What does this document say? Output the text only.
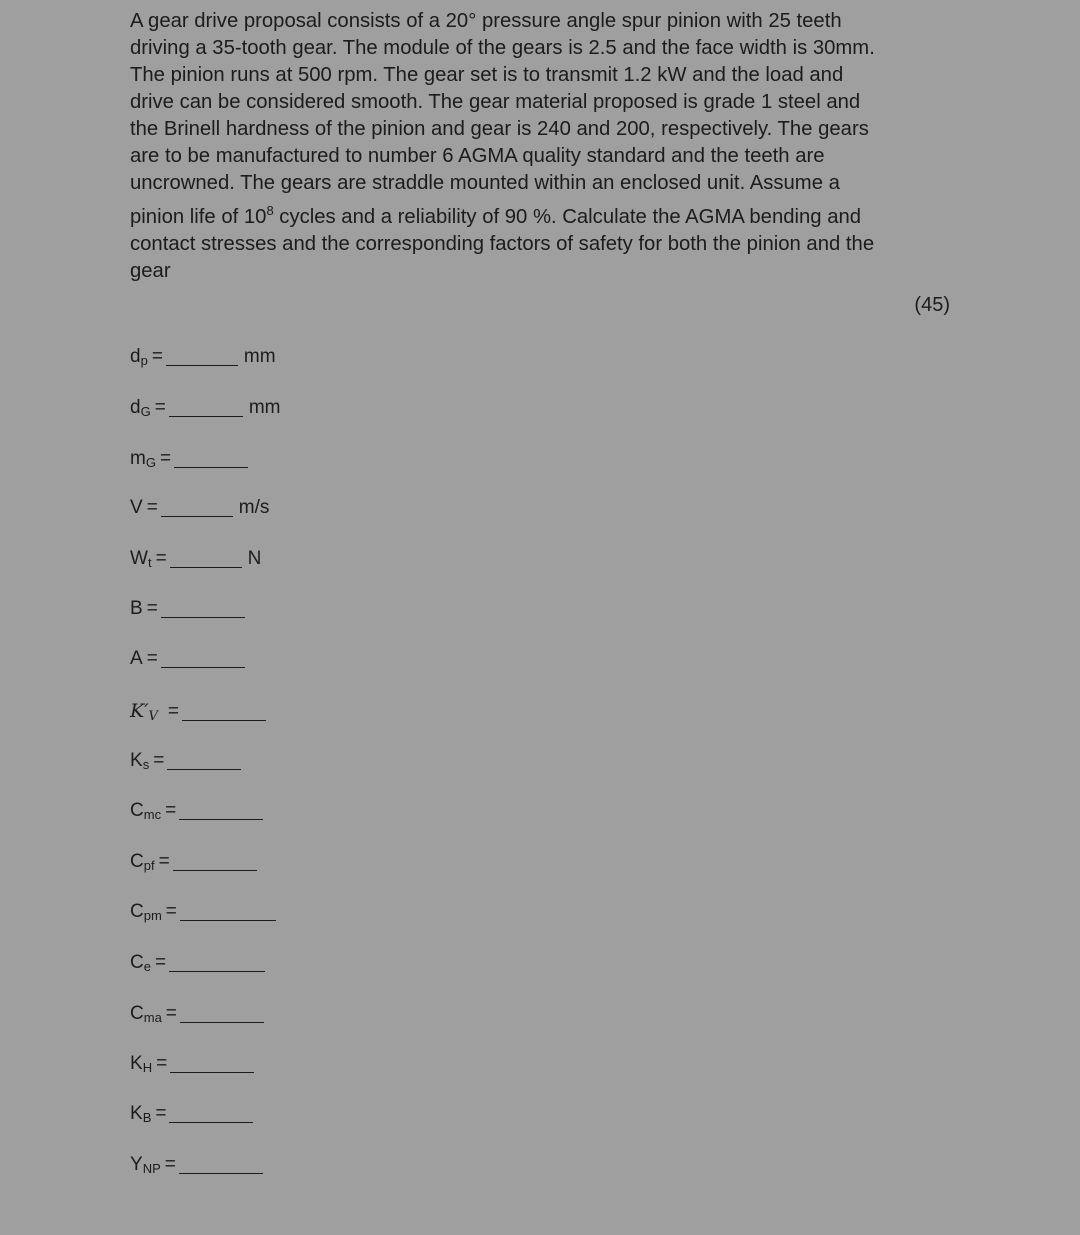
A gear drive proposal consists of a 20° pressure angle spur pinion with 25 teeth
driving a 35-tooth gear. The module of the gears is 2.5 and the face width is 30mm.
The pinion runs at 500 rpm. The gear set is to transmit 1.2 kW and the load and
drive can be considered smooth. The gear material proposed is grade 1 steel and
the Brinell hardness of the pinion and gear is 240 and 200, respectively. The gears
are to be manufactured to number 6 AGMA quality standard and the teeth are
uncrowned. The gears are straddle mounted within an enclosed unit. Assume a
pinion life of $10^8$ cycles and a reliability of 90 %. Calculate the AGMA bending and
contact stresses and the corresponding factors of safety for both the pinion and the
gear
(45)
dp =	mm
dG =	mm
mG =
V =	m/s
Wt =	N
B =
A =
K′V =
Ks =
Cmc =
Cpf =
Cpm =
Ce =
Cma =
KH =
KB =
YNP =
